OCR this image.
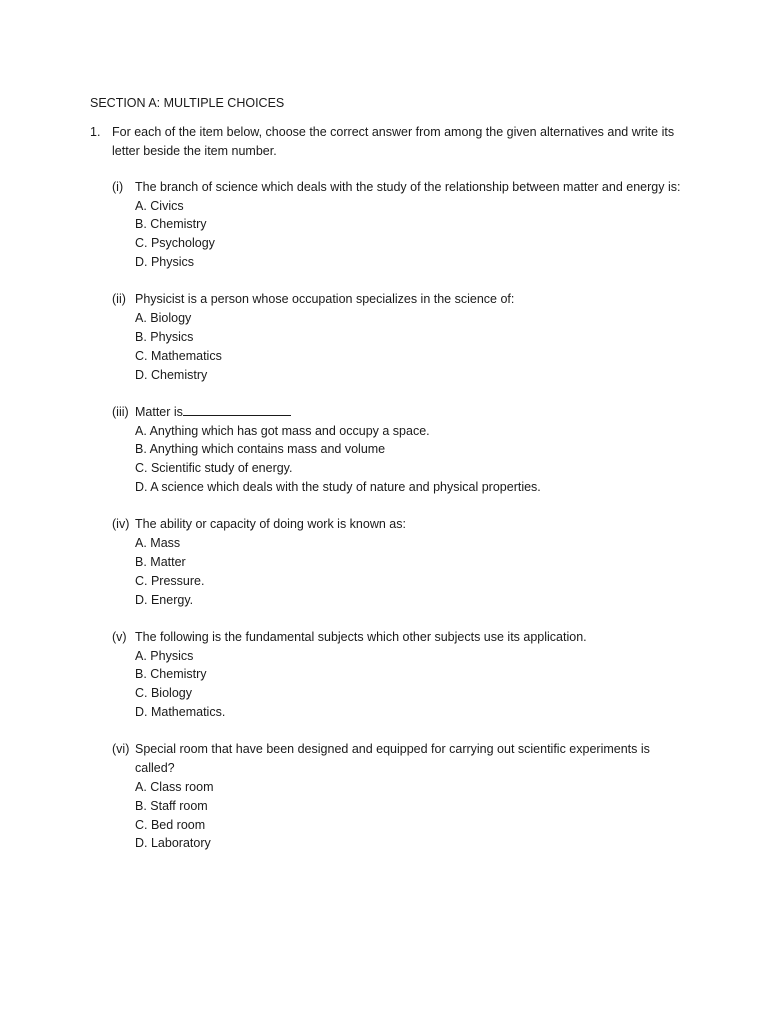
SECTION A: MULTIPLE CHOICES
1. For each of the item below, choose the correct answer from among the given alternatives and write its letter beside the item number.
(i) The branch of science which deals with the study of the relationship between matter and energy is:
A. Civics
B. Chemistry
C. Psychology
D. Physics
(ii) Physicist is a person whose occupation specializes in the science of:
A. Biology
B. Physics
C. Mathematics
D. Chemistry
(iii) Matter is
A. Anything which has got mass and occupy a space.
B. Anything which contains mass and volume
C. Scientific study of energy.
D. A science which deals with the study of nature and physical properties.
(iv) The ability or capacity of doing work is known as:
A. Mass
B. Matter
C. Pressure.
D. Energy.
(v) The following is the fundamental subjects which other subjects use its application.
A. Physics
B. Chemistry
C. Biology
D. Mathematics.
(vi) Special room that have been designed and equipped for carrying out scientific experiments is called?
A. Class room
B. Staff room
C. Bed room
D. Laboratory
